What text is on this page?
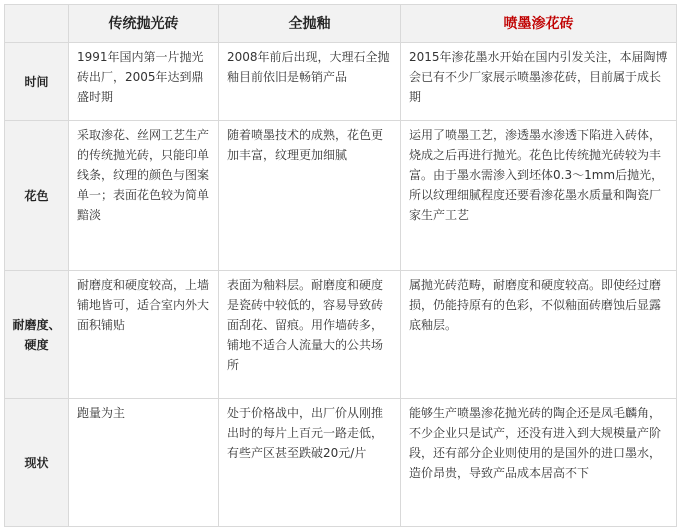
	传统抛光砖	全抛釉	喷墨渗花砖
时间	1991年国内第一片抛光砖出厂，2005年达到鼎盛时期	2008年前后出现，大理石全抛釉目前依旧是畅销产品	2015年渗花墨水开始在国内引发关注，本届陶博会已有不少厂家展示喷墨渗花砖，目前属于成长期
花色	采取渗花、丝网工艺生产的传统抛光砖，只能印单线条，纹理的颜色与图案单一；表面花色较为简单黯淡	随着喷墨技术的成熟，花色更加丰富，纹理更加细腻	运用了喷墨工艺，渗透墨水渗透下陷进入砖体，烧成之后再进行抛光。花色比传统抛光砖较为丰富。由于墨水需渗入到坯体0.3～1mm后抛光，所以纹理细腻程度还要看渗花墨水质量和陶瓷厂家生产工艺
耐磨度、硬度	耐磨度和硬度较高，上墙铺地皆可，适合室内外大面积铺贴	表面为釉料层。耐磨度和硬度是瓷砖中较低的，容易导致砖面刮花、留痕。用作墙砖多，铺地不适合人流量大的公共场所	属抛光砖范畴，耐磨度和硬度较高。即使经过磨损，仍能持原有的色彩，不似釉面砖磨蚀后显露底釉层。
现状	跑量为主	处于价格战中，出厂价从刚推出时的每片上百元一路走低，有些产区甚至跌破20元/片	能够生产喷墨渗花抛光砖的陶企还是凤毛麟角，不少企业只是试产，还没有进入到大规模量产阶段，还有部分企业则使用的是国外的进口墨水，造价昂贵，导致产品成本居高不下
